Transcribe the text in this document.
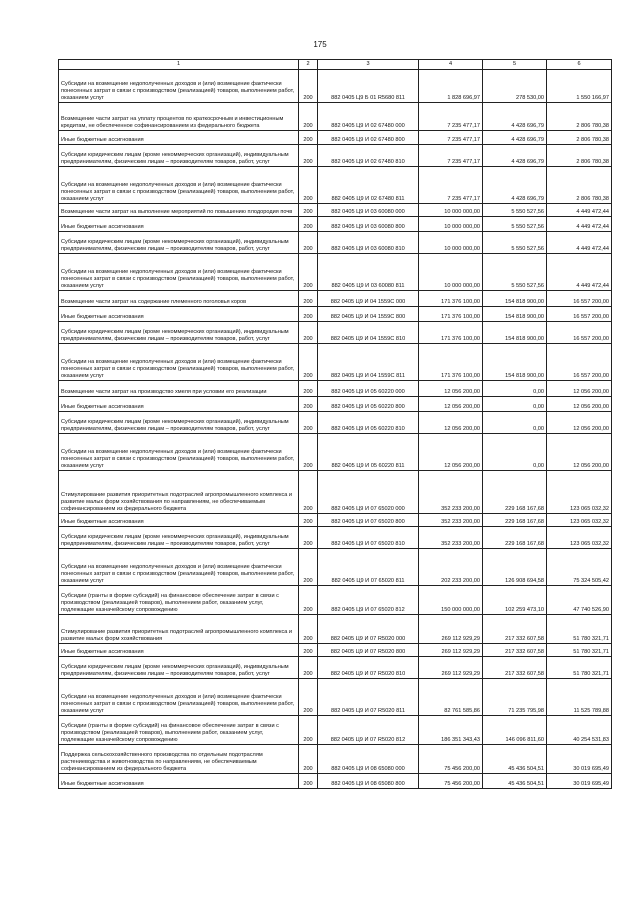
175
1	2	3	4	5	6
Субсидии на возмещение недополученных доходов и (или) возмещение фактически понесенных затрат в связи с производством (реализацией) товаров, выполнением работ, оказанием услуг	200	882 0405 Ц9 Б 01 R5680 811	1 828 696,97	278 530,00	1 550 166,97
Возмещение части затрат на уплату процентов по краткосрочным и инвестиционным кредитам, не обеспеченное софинансированием из федерального бюджета	200	882 0405 Ц9 И 02 67480 000	7 235 477,17	4 428 696,79	2 806 780,38
Иные бюджетные ассигнования	200	882 0405 Ц9 И 02 67480 800	7 235 477,17	4 428 696,79	2 806 780,38
Субсидии юридическим лицам (кроме некоммерческих организаций), индивидуальным предпринимателям, физическим лицам – производителям товаров, работ, услуг	200	882 0405 Ц9 И 02 67480 810	7 235 477,17	4 428 696,79	2 806 780,38
Субсидии на возмещение недополученных доходов и (или) возмещение фактически понесенных затрат в связи с производством (реализацией) товаров, выполнением работ, оказанием услуг	200	882 0405 Ц9 И 02 67480 811	7 235 477,17	4 428 696,79	2 806 780,38
Возмещение части затрат на выполнение мероприятий по повышению плодородия почв	200	882 0405 Ц9 И 03 60080 000	10 000 000,00	5 550 527,56	4 449 472,44
Иные бюджетные ассигнования	200	882 0405 Ц9 И 03 60080 800	10 000 000,00	5 550 527,56	4 449 472,44
Субсидии юридическим лицам (кроме некоммерческих организаций), индивидуальным предпринимателям, физическим лицам – производителям товаров, работ, услуг	200	882 0405 Ц9 И 03 60080 810	10 000 000,00	5 550 527,56	4 449 472,44
Субсидии на возмещение недополученных доходов и (или) возмещение фактически понесенных затрат в связи с производством (реализацией) товаров, выполнением работ, оказанием услуг	200	882 0405 Ц9 И 03 60080 811	10 000 000,00	5 550 527,56	4 449 472,44
Возмещение части затрат на содержание племенного поголовья коров	200	882 0405 Ц9 И 04 1559С 000	171 376 100,00	154 818 900,00	16 557 200,00
Иные бюджетные ассигнования	200	882 0405 Ц9 И 04 1559С 800	171 376 100,00	154 818 900,00	16 557 200,00
Субсидии юридическим лицам (кроме некоммерческих организаций), индивидуальным предпринимателям, физическим лицам – производителям товаров, работ, услуг	200	882 0405 Ц9 И 04 1559С 810	171 376 100,00	154 818 900,00	16 557 200,00
Субсидии на возмещение недополученных доходов и (или) возмещение фактически понесенных затрат в связи с производством (реализацией) товаров, выполнением работ, оказанием услуг	200	882 0405 Ц9 И 04 1559С 811	171 376 100,00	154 818 900,00	16 557 200,00
Возмещение части затрат на производство хмеля при условии его реализации	200	882 0405 Ц9 И 05 60220 000	12 056 200,00	0,00	12 056 200,00
Иные бюджетные ассигнования	200	882 0405 Ц9 И 05 60220 800	12 056 200,00	0,00	12 056 200,00
Субсидии юридическим лицам (кроме некоммерческих организаций), индивидуальным предпринимателям, физическим лицам – производителям товаров, работ, услуг	200	882 0405 Ц9 И 05 60220 810	12 056 200,00	0,00	12 056 200,00
Субсидии на возмещение недополученных доходов и (или) возмещение фактически понесенных затрат в связи с производством (реализацией) товаров, выполнением работ, оказанием услуг	200	882 0405 Ц9 И 05 60220 811	12 056 200,00	0,00	12 056 200,00
Стимулирование развития приоритетных подотраслей агропромышленного комплекса и развитие малых форм хозяйствования по направлениям, не обеспечиваемым софинансированием из федерального бюджета	200	882 0405 Ц9 И 07 65020 000	352 233 200,00	229 168 167,68	123 065 032,32
Иные бюджетные ассигнования	200	882 0405 Ц9 И 07 65020 800	352 233 200,00	229 168 167,68	123 065 032,32
Субсидии юридическим лицам (кроме некоммерческих организаций), индивидуальным предпринимателям, физическим лицам – производителям товаров, работ, услуг	200	882 0405 Ц9 И 07 65020 810	352 233 200,00	229 168 167,68	123 065 032,32
Субсидии на возмещение недополученных доходов и (или) возмещение фактически понесенных затрат в связи с производством (реализацией) товаров, выполнением работ, оказанием услуг	200	882 0405 Ц9 И 07 65020 811	202 233 200,00	126 908 694,58	75 324 505,42
Субсидии (гранты в форме субсидий) на финансовое обеспечение затрат в связи с производством (реализацией товаров), выполнением работ, оказанием услуг, подлежащие казначейскому сопровождению	200	882 0405 Ц9 И 07 65020 812	150 000 000,00	102 259 473,10	47 740 526,90
Стимулирование развития приоритетных подотраслей агропромышленного комплекса и развитие малых форм хозяйствования	200	882 0405 Ц9 И 07 R5020 000	269 112 929,29	217 332 607,58	51 780 321,71
Иные бюджетные ассигнования	200	882 0405 Ц9 И 07 R5020 800	269 112 929,29	217 332 607,58	51 780 321,71
Субсидии юридическим лицам (кроме некоммерческих организаций), индивидуальным предпринимателям, физическим лицам – производителям товаров, работ, услуг	200	882 0405 Ц9 И 07 R5020 810	269 112 929,29	217 332 607,58	51 780 321,71
Субсидии на возмещение недополученных доходов и (или) возмещение фактически понесенных затрат в связи с производством (реализацией) товаров, выполнением работ, оказанием услуг	200	882 0405 Ц9 И 07 R5020 811	82 761 585,86	71 235 795,98	11 525 789,88
Субсидии (гранты в форме субсидий) на финансовое обеспечение затрат в связи с производством (реализацией товаров), выполнением работ, оказанием услуг, подлежащие казначейскому сопровождению	200	882 0405 Ц9 И 07 R5020 812	186 351 343,43	146 096 811,60	40 254 531,83
Поддержка сельскохозяйственного производства по отдельным подотраслям растениеводства и животноводства по направлениям, не обеспечиваемым софинансированием из федерального бюджета	200	882 0405 Ц9 И 08 65080 000	75 456 200,00	45 436 504,51	30 019 695,49
Иные бюджетные ассигнования	200	882 0405 Ц9 И 08 65080 800	75 456 200,00	45 436 504,51	30 019 695,49
